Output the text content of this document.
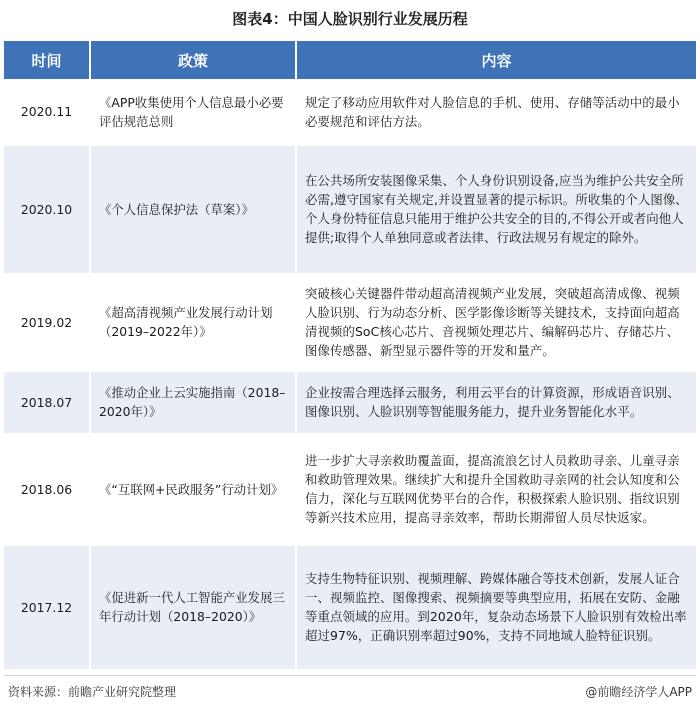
图表4：中国人脸识别行业发展历程
时间	政策	内容
2020.11	《APP收集使用个人信息最小必要评估规范总则	规定了移动应用软件对人脸信息的手机、使用、存储等活动中的最小必要规范和评估方法。
2020.10	《个人信息保护法（草案）》	在公共场所安装图像采集、个人身份识别设备,应当为维护公共安全所必需,遵守国家有关规定,并设置显著的提示标识。所收集的个人图像、个人身份特征信息只能用于维护公共安全的目的,不得公开或者向他人提供;取得个人单独同意或者法律、行政法规另有规定的除外。
2019.02	《超高清视频产业发展行动计划（2019–2022年）》	突破核心关键器件带动超高清视频产业发展，突破超高清成像、视频人脸识别、行为动态分析、医学影像诊断等关键技术，支持面向超高清视频的SoC核心芯片、音视频处理芯片、编解码芯片、存储芯片、图像传感器、新型显示器件等的开发和量产。
2018.07	《推动企业上云实施指南（2018–2020年）》	企业按需合理选择云服务，利用云平台的计算资源，形成语音识别、图像识别、人脸识别等智能服务能力，提升业务智能化水平。
2018.06	《“互联网+民政服务”行动计划》	进一步扩大寻亲救助覆盖面，提高流浪乞讨人员救助寻亲、儿童寻亲和救助管理效果。继续扩大和提升全国救助寻亲网的社会认知度和公信力，深化与互联网优势平台的合作，积极探索人脸识别、指纹识别等新兴技术应用，提高寻亲效率，帮助长期滞留人员尽快返家。
2017.12	《促进新一代人工智能产业发展三年行动计划（2018–2020）》	支持生物特征识别、视频理解、跨媒体融合等技术创新，发展人证合一、视频监控、图像搜索、视频摘要等典型应用，拓展在安防、金融等重点领域的应用。到2020年，复杂动态场景下人脸识别有效检出率超过97%，正确识别率超过90%，支持不同地域人脸特征识别。
资料来源：前瞻产业研究院整理	@前瞻经济学人APP
